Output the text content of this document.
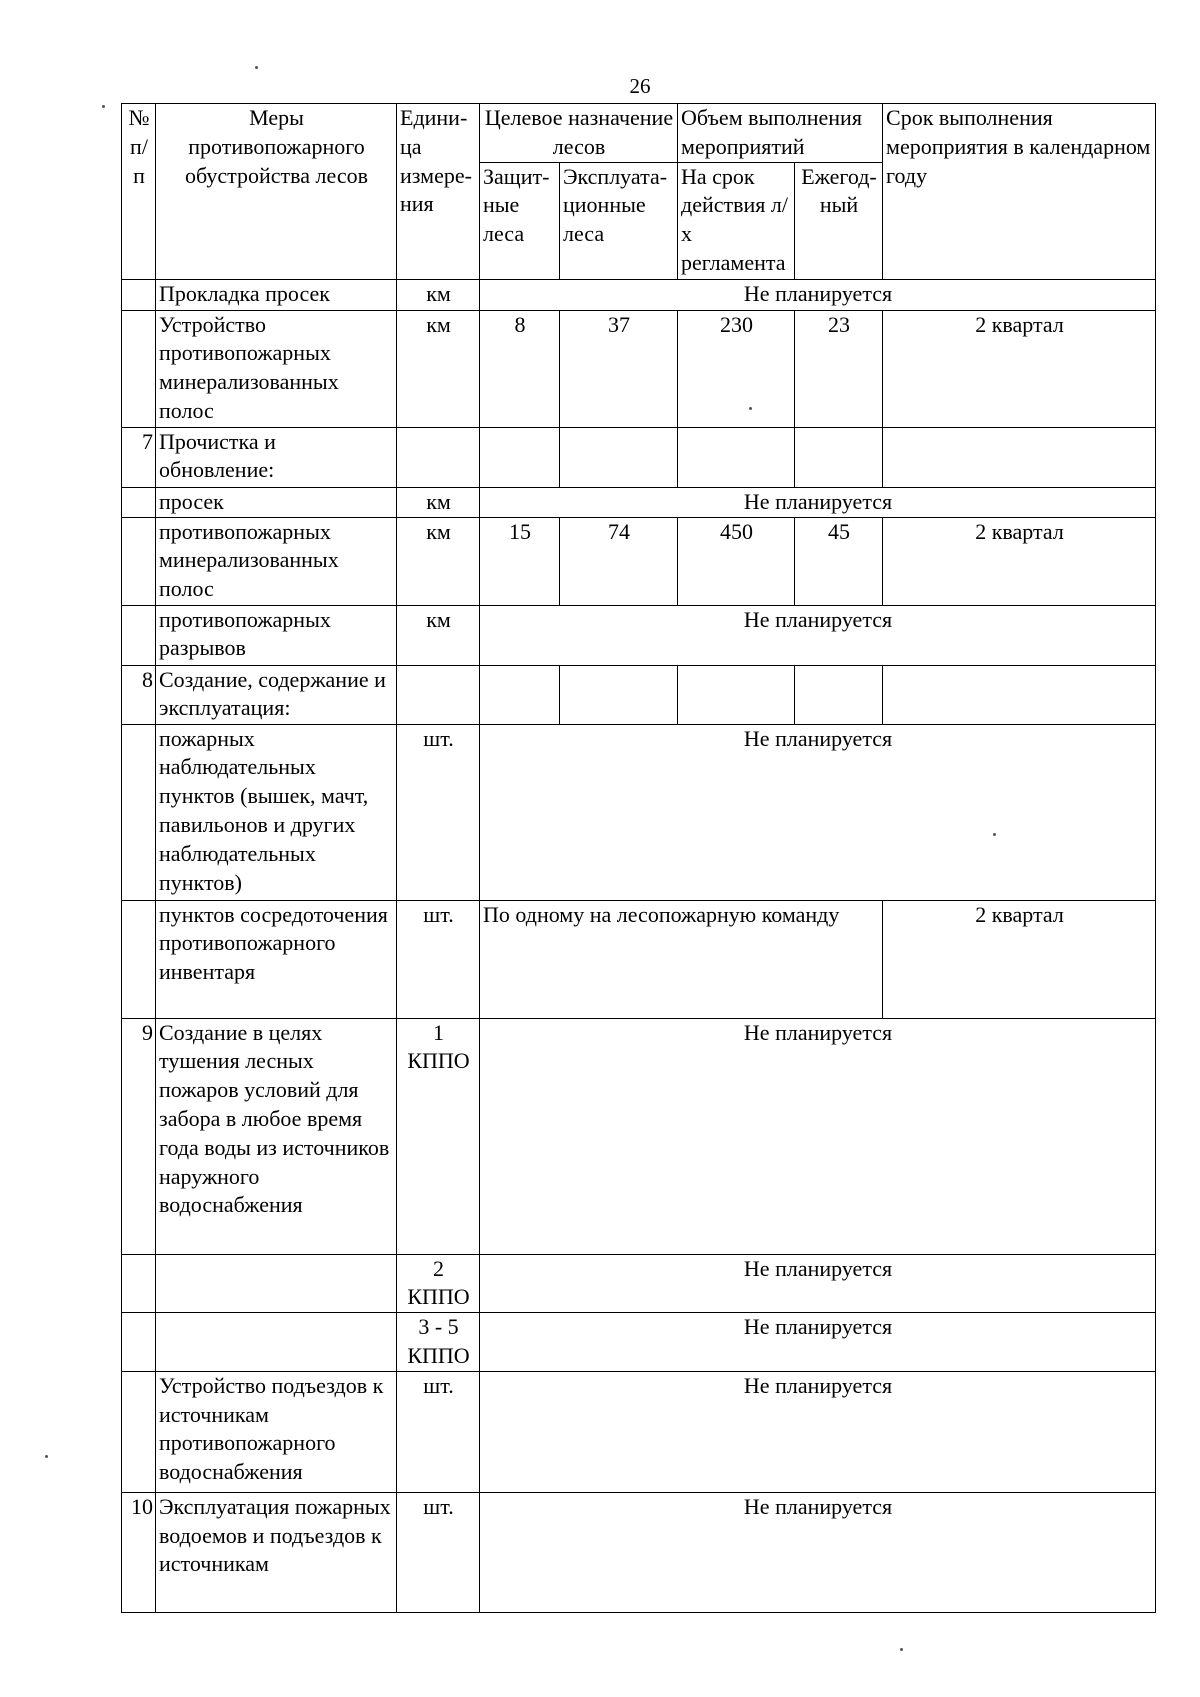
26
№ п/п	Меры противопожарного обустройства лесов	Едини-ца измере-ния	Целевое назначение лесов		Объем выполнения мероприятий		Срок выполнения мероприятия в календарном году
			Защит-ные леса	Эксплуата-ционные леса	На срок действия л/х регламента	Ежегод-ный	
	Прокладка просек	км	Не планируется				
	Устройство противопожарных минерализованных полос	км	8	37	230	23	2 квартал
7	Прочистка и обновление:						
	просек	км	Не планируется				
	противопожарных минерализованных полос	км	15	74	450	45	2 квартал
	противопожарных разрывов	км	Не планируется				
8	Создание, содержание и эксплуатация:						
	пожарных наблюдательных пунктов (вышек, мачт, павильонов и других наблюдательных пунктов)	шт.	Не планируется				
	пунктов сосредоточения противопожарного инвентаря	шт.	По одному на лесопожарную команду				2 квартал
9	Создание в целях тушения лесных пожаров условий для забора в любое время года воды из источников наружного водоснабжения	1 КППО	Не планируется				
		2 КППО	Не планируется				
		3 - 5 КППО	Не планируется				
	Устройство подъездов к источникам противопожарного водоснабжения	шт.	Не планируется				
10	Эксплуатация пожарных водоемов и подъездов к источникам	шт.	Не планируется				
